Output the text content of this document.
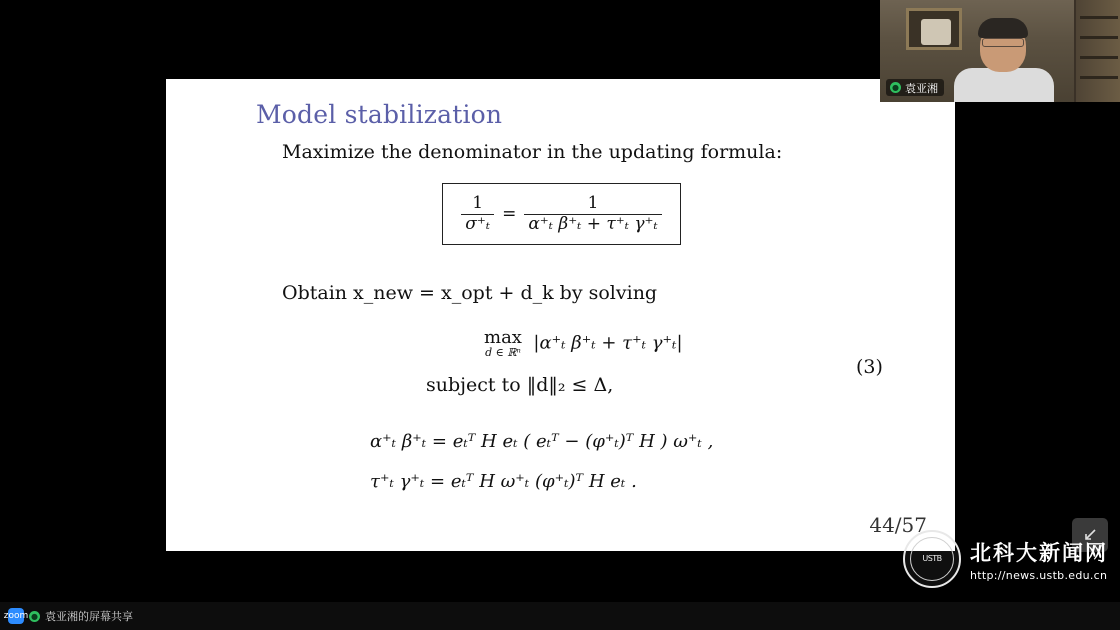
Model stabilization
Maximize the denominator in the updating formula:
$\frac{1}{\text{σ⁺ₜ}} = \frac{1}{\text{α⁺ₜ β⁺ₜ + τ⁺ₜ γ⁺ₜ}}$
Obtain x_new = x_opt + d_k by solving
max
d ∈ ℝⁿ |α⁺ₜ β⁺ₜ + τ⁺ₜ γ⁺ₜ|
subject to ‖d‖₂ ≤ Δ,
(3)
α⁺ₜ β⁺ₜ = eₜᵀ H eₜ ( eₜᵀ − (φ⁺ₜ)ᵀ H ) ω⁺ₜ ,
τ⁺ₜ γ⁺ₜ = eₜᵀ H ω⁺ₜ (φ⁺ₜ)ᵀ H eₜ .
44/57
● 袁亚湘
USTB 北科大新闻网
http://news.ustb.edu.cn
zoom ● 袁亚湘的屏幕共享
